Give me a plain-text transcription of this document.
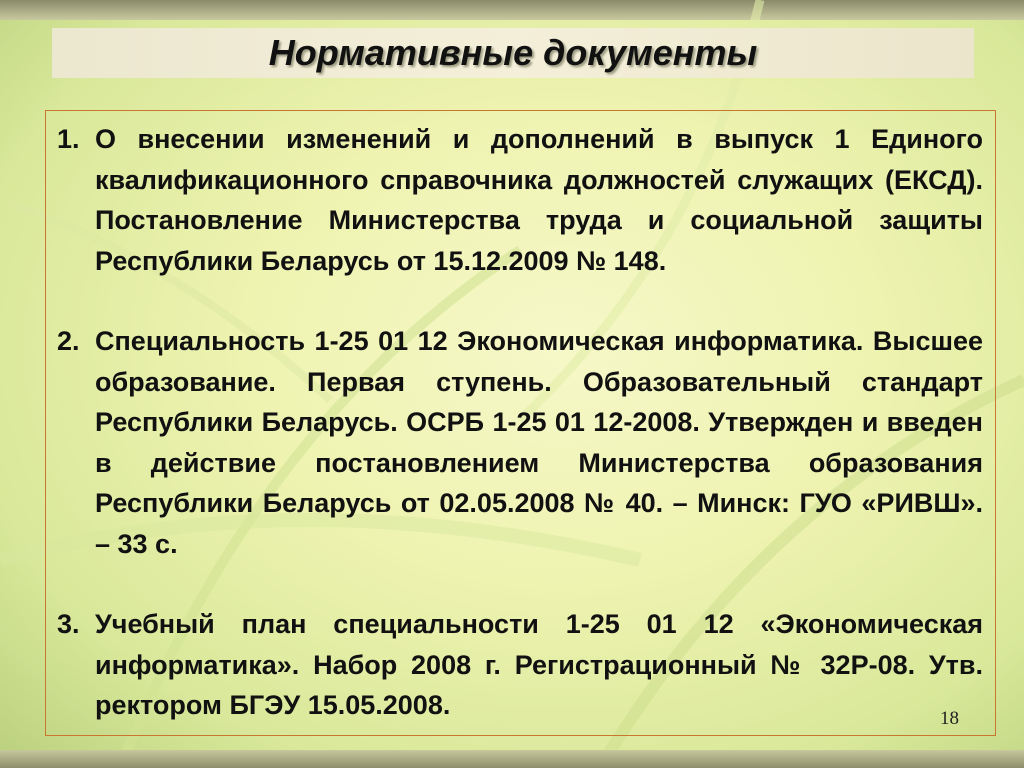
Нормативные документы
1. О внесении изменений и дополнений в выпуск 1 Единого квалификационного справочника должностей служащих (ЕКСД). Постановление Министерства труда и социальной защиты Республики Беларусь от 15.12.2009 № 148.
2. Специальность 1-25 01 12 Экономическая информатика. Высшее образование. Первая ступень. Образовательный стандарт Республики Беларусь. ОСРБ 1-25 01 12-2008. Утвержден и введен в действие постановлением Министерства образования Республики Беларусь от 02.05.2008 № 40. – Минск: ГУО «РИВШ». – 33 с.
3. Учебный план специальности 1-25 01 12 «Экономическая информатика». Набор 2008 г. Регистрационный № 32Р-08. Утв. ректором БГЭУ 15.05.2008.	18
